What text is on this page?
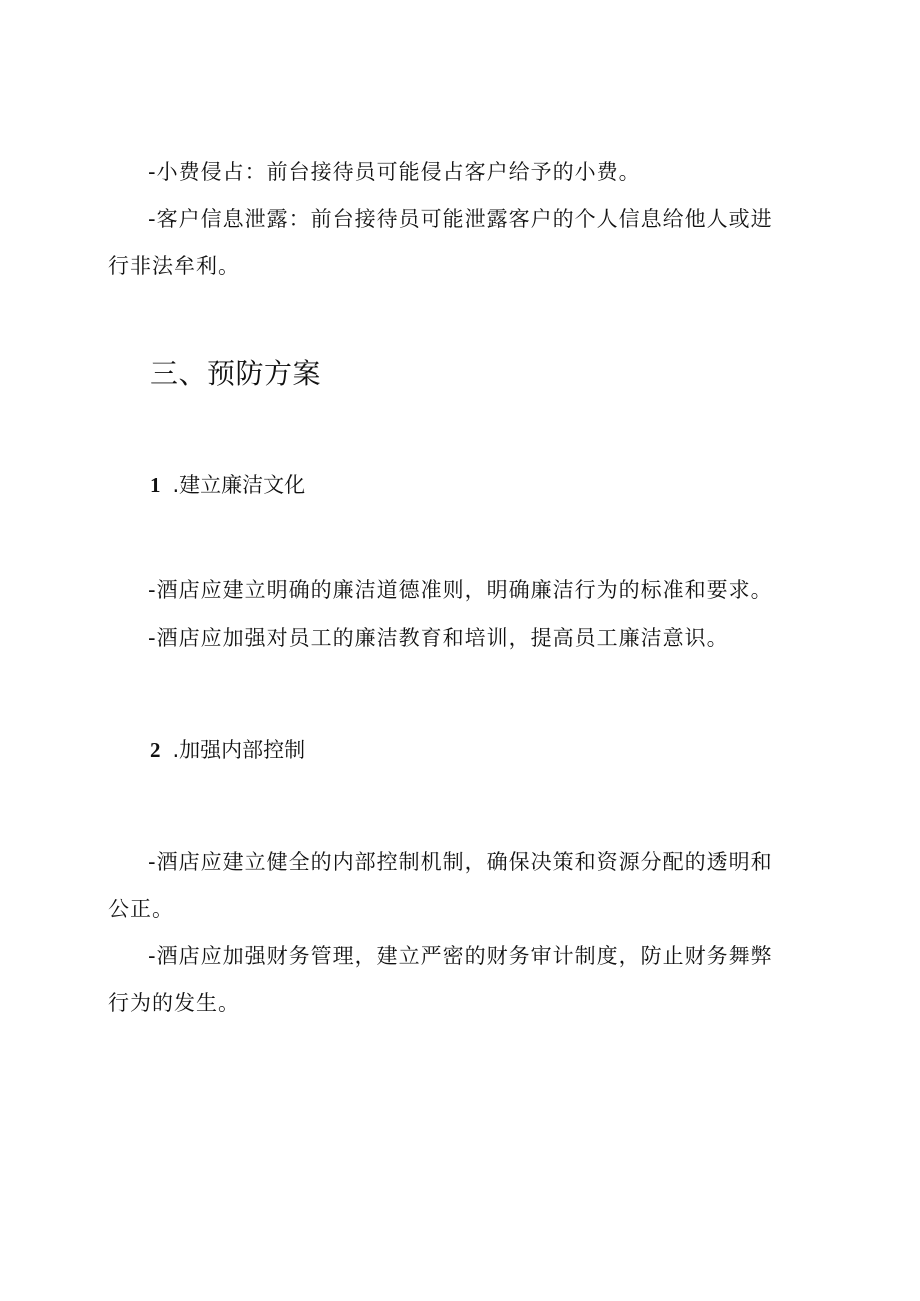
-小费侵占：前台接待员可能侵占客户给予的小费。
-客户信息泄露：前台接待员可能泄露客户的个人信息给他人或进
行非法牟利。
三、预防方案
1 .建立廉洁文化
-酒店应建立明确的廉洁道德准则，明确廉洁行为的标准和要求。
-酒店应加强对员工的廉洁教育和培训，提高员工廉洁意识。
2 .加强内部控制
-酒店应建立健全的内部控制机制，确保决策和资源分配的透明和
公正。
-酒店应加强财务管理，建立严密的财务审计制度，防止财务舞弊
行为的发生。
